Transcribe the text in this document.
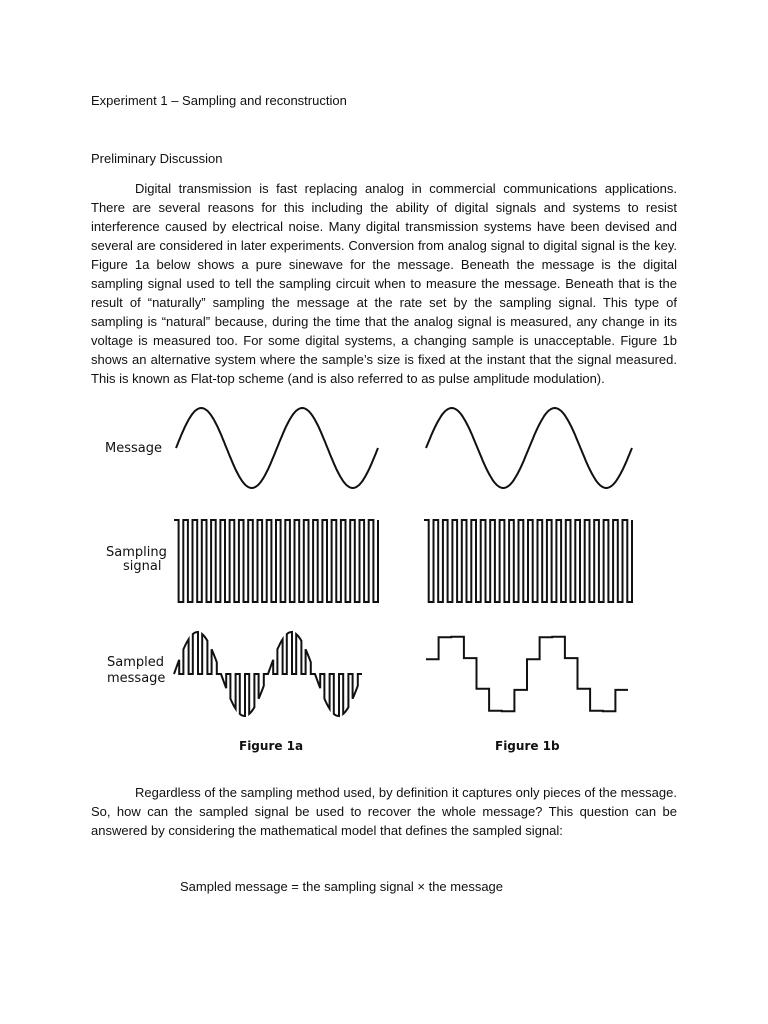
Experiment 1 – Sampling and reconstruction
Preliminary Discussion

Digital transmission is fast replacing analog in commercial communications applications. There are several reasons for this including the ability of digital signals and systems to resist interference caused by electrical noise. Many digital transmission systems have been devised and several are considered in later experiments. Conversion from analog signal to digital signal is the key. Figure 1a below shows a pure sinewave for the message. Beneath the message is the digital sampling signal used to tell the sampling circuit when to measure the message. Beneath that is the result of “naturally” sampling the message at the rate set by the sampling signal. This type of sampling is “natural” because, during the time that the analog signal is measured, any change in its voltage is measured too. For some digital systems, a changing sample is unacceptable. Figure 1b shows an alternative system where the sample’s size is fixed at the instant that the signal measured. This is known as Flat-top scheme (and is also referred to as pulse amplitude modulation).

Message
Sampling
signal
Sampled
message
Figure 1a	Figure 1b

Regardless of the sampling method used, by definition it captures only pieces of the message. So, how can the sampled signal be used to recover the whole message? This question can be answered by considering the mathematical model that defines the sampled signal:

Sampled message = the sampling signal × the message
